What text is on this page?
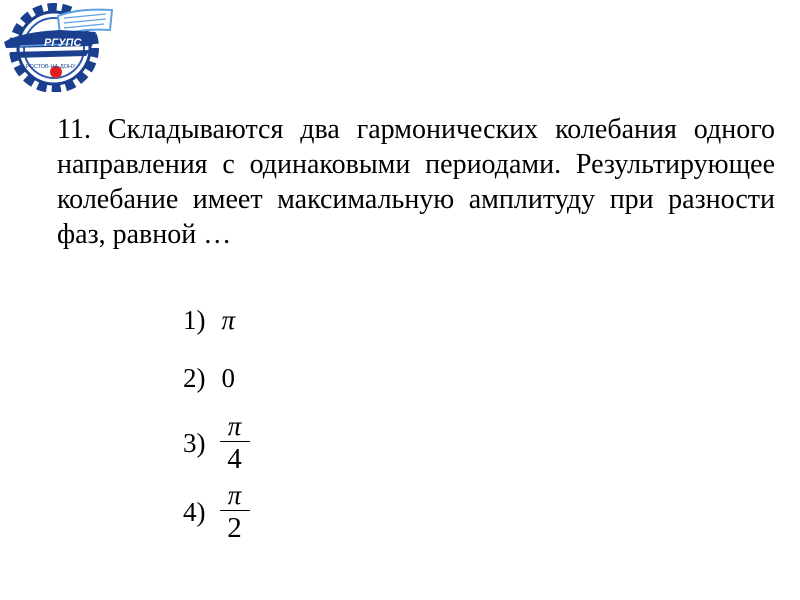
РГУПС
РОСТОВ-НА-ДОНУ

11. Складываются два гармонических колебания одного направления с одинаковыми периодами. Результирующее колебание имеет максимальную амплитуду при разности фаз, равной …

1) π
2) 0
$3) \frac{\pi}{4}$
$4) \frac{\pi}{2}$
